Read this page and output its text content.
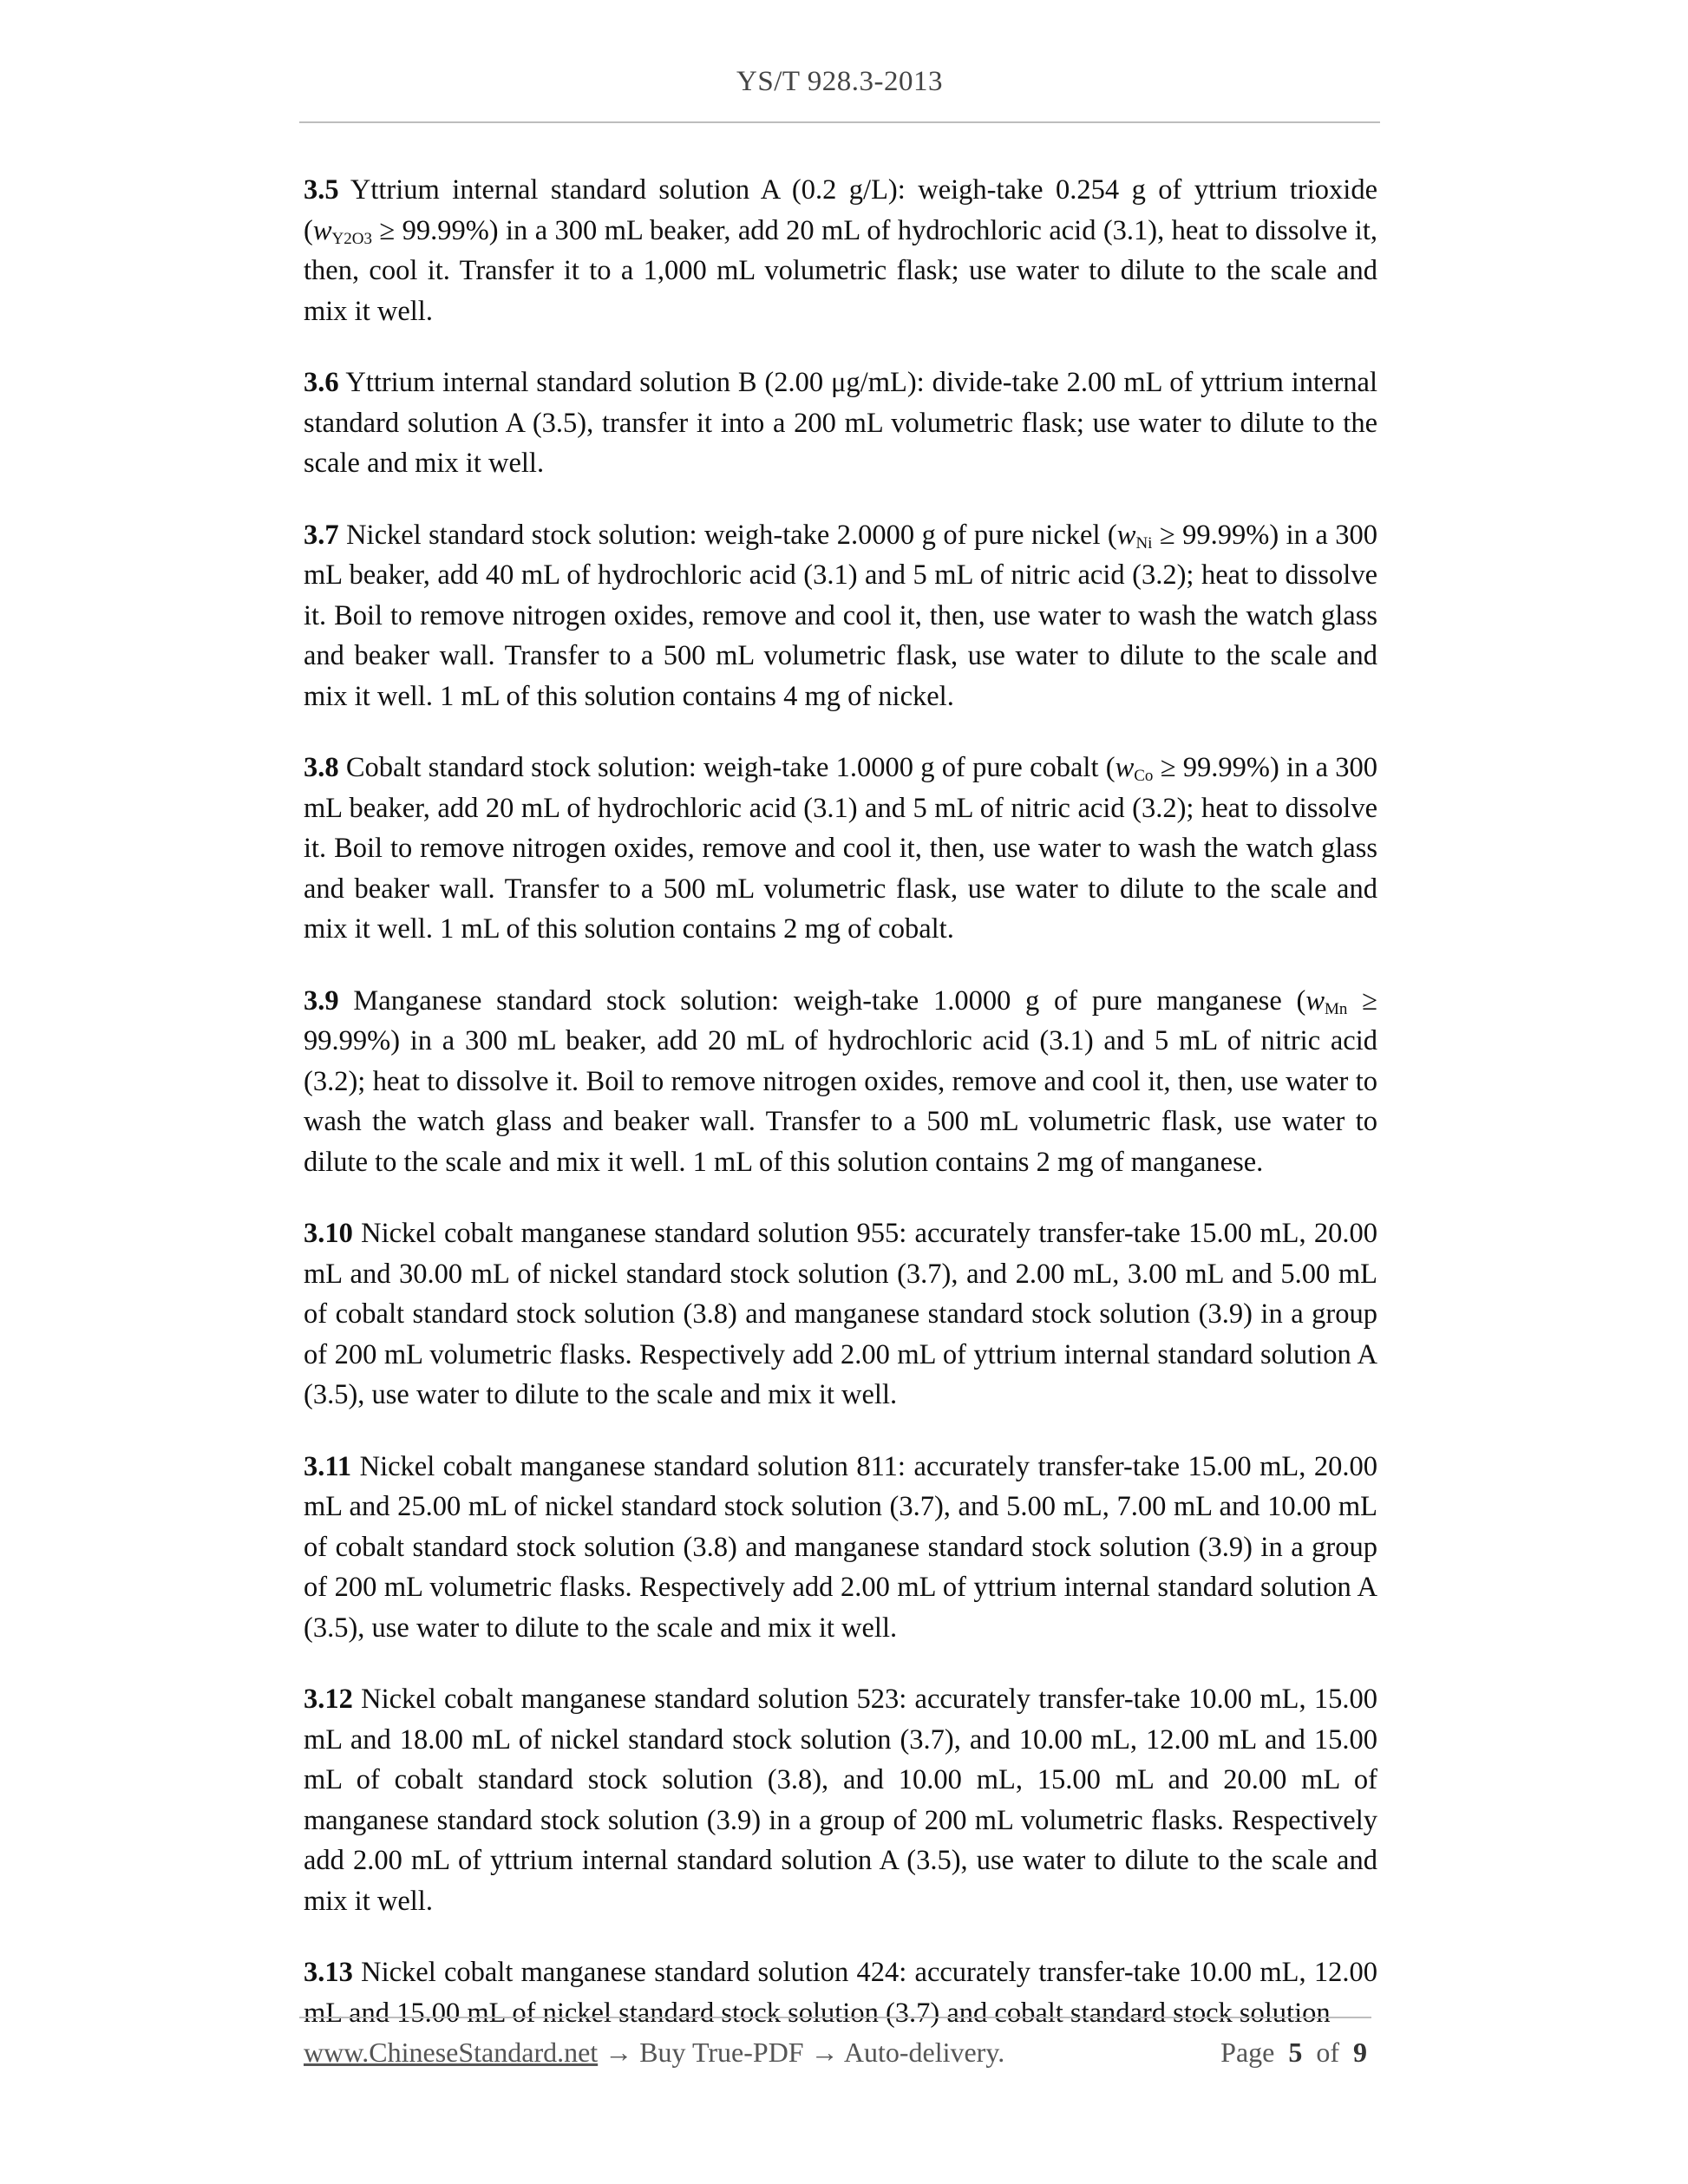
YS/T 928.3-2013

3.5 Yttrium internal standard solution A (0.2 g/L): weigh-take 0.254 g of yttrium trioxide $(w_{Y2O3} \ge 99.99\%)$ in a 300 mL beaker, add 20 mL of hydrochloric acid (3.1), heat to dissolve it, then, cool it. Transfer it to a 1,000 mL volumetric flask; use water to dilute to the scale and mix it well.

3.6 Yttrium internal standard solution B (2.00 μg/mL): divide-take 2.00 mL of yttrium internal standard solution A (3.5), transfer it into a 200 mL volumetric flask; use water to dilute to the scale and mix it well.

3.7 Nickel standard stock solution: weigh-take 2.0000 g of pure nickel $(w_{Ni} \ge 99.99\%)$ in a 300 mL beaker, add 40 mL of hydrochloric acid (3.1) and 5 mL of nitric acid (3.2); heat to dissolve it. Boil to remove nitrogen oxides, remove and cool it, then, use water to wash the watch glass and beaker wall. Transfer to a 500 mL volumetric flask, use water to dilute to the scale and mix it well. 1 mL of this solution contains 4 mg of nickel.

3.8 Cobalt standard stock solution: weigh-take 1.0000 g of pure cobalt $(w_{Co} \ge 99.99\%)$ in a 300 mL beaker, add 20 mL of hydrochloric acid (3.1) and 5 mL of nitric acid (3.2); heat to dissolve it. Boil to remove nitrogen oxides, remove and cool it, then, use water to wash the watch glass and beaker wall. Transfer to a 500 mL volumetric flask, use water to dilute to the scale and mix it well. 1 mL of this solution contains 2 mg of cobalt.

3.9 Manganese standard stock solution: weigh-take 1.0000 g of pure manganese $(w_{Mn} \ge 99.99\%)$ in a 300 mL beaker, add 20 mL of hydrochloric acid (3.1) and 5 mL of nitric acid (3.2); heat to dissolve it. Boil to remove nitrogen oxides, remove and cool it, then, use water to wash the watch glass and beaker wall. Transfer to a 500 mL volumetric flask, use water to dilute to the scale and mix it well. 1 mL of this solution contains 2 mg of manganese.

3.10 Nickel cobalt manganese standard solution 955: accurately transfer-take 15.00 mL, 20.00 mL and 30.00 mL of nickel standard stock solution (3.7), and 2.00 mL, 3.00 mL and 5.00 mL of cobalt standard stock solution (3.8) and manganese standard stock solution (3.9) in a group of 200 mL volumetric flasks. Respectively add 2.00 mL of yttrium internal standard solution A (3.5), use water to dilute to the scale and mix it well.

3.11 Nickel cobalt manganese standard solution 811: accurately transfer-take 15.00 mL, 20.00 mL and 25.00 mL of nickel standard stock solution (3.7), and 5.00 mL, 7.00 mL and 10.00 mL of cobalt standard stock solution (3.8) and manganese standard stock solution (3.9) in a group of 200 mL volumetric flasks. Respectively add 2.00 mL of yttrium internal standard solution A (3.5), use water to dilute to the scale and mix it well.

3.12 Nickel cobalt manganese standard solution 523: accurately transfer-take 10.00 mL, 15.00 mL and 18.00 mL of nickel standard stock solution (3.7), and 10.00 mL, 12.00 mL and 15.00 mL of cobalt standard stock solution (3.8), and 10.00 mL, 15.00 mL and 20.00 mL of manganese standard stock solution (3.9) in a group of 200 mL volumetric flasks. Respectively add 2.00 mL of yttrium internal standard solution A (3.5), use water to dilute to the scale and mix it well.

3.13 Nickel cobalt manganese standard solution 424: accurately transfer-take 10.00 mL, 12.00 mL and 15.00 mL of nickel standard stock solution (3.7) and cobalt standard stock solution

www.ChineseStandard.net → Buy True-PDF → Auto-delivery.	Page 5 of 9
